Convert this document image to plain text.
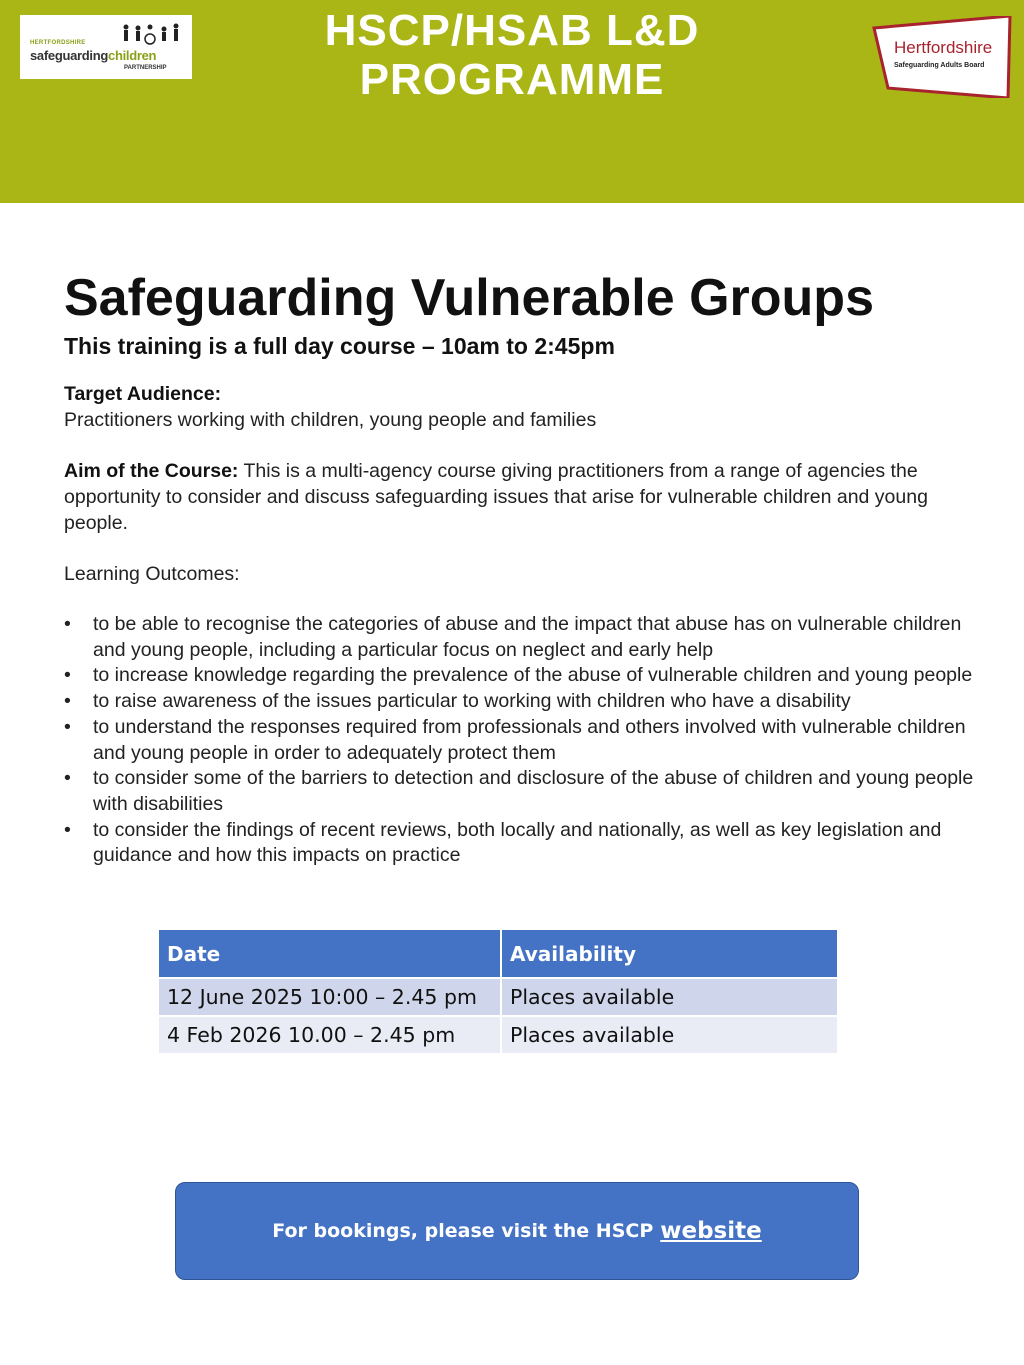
HERTFORDSHIRE
safeguardingchildren
PARTNERSHIP
HSCP/HSAB L&D
PROGRAMME
Hertfordshire
Safeguarding Adults Board
Safeguarding Vulnerable Groups
This training is a full day course – 10am to 2:45pm
Target Audience:
Practitioners working with children, young people and families
Aim of the Course: This is a multi-agency course giving practitioners from a range of agencies the opportunity to consider and discuss safeguarding issues that arise for vulnerable children and young people.
Learning Outcomes:
• to be able to recognise the categories of abuse and the impact that abuse has on vulnerable children and young people, including a particular focus on neglect and early help
• to increase knowledge regarding the prevalence of the abuse of vulnerable children and young people
• to raise awareness of the issues particular to working with children who have a disability
• to understand the responses required from professionals and others involved with vulnerable children and young people in order to adequately protect them
• to consider some of the barriers to detection and disclosure of the abuse of children and young people with disabilities
• to consider the findings of recent reviews, both locally and nationally, as well as key legislation and guidance and how this impacts on practice
Date	Availability
12 June 2025 10:00 – 2.45 pm	Places available
4 Feb 2026 10.00 – 2.45 pm	Places available
For bookings, please visit the HSCP website
